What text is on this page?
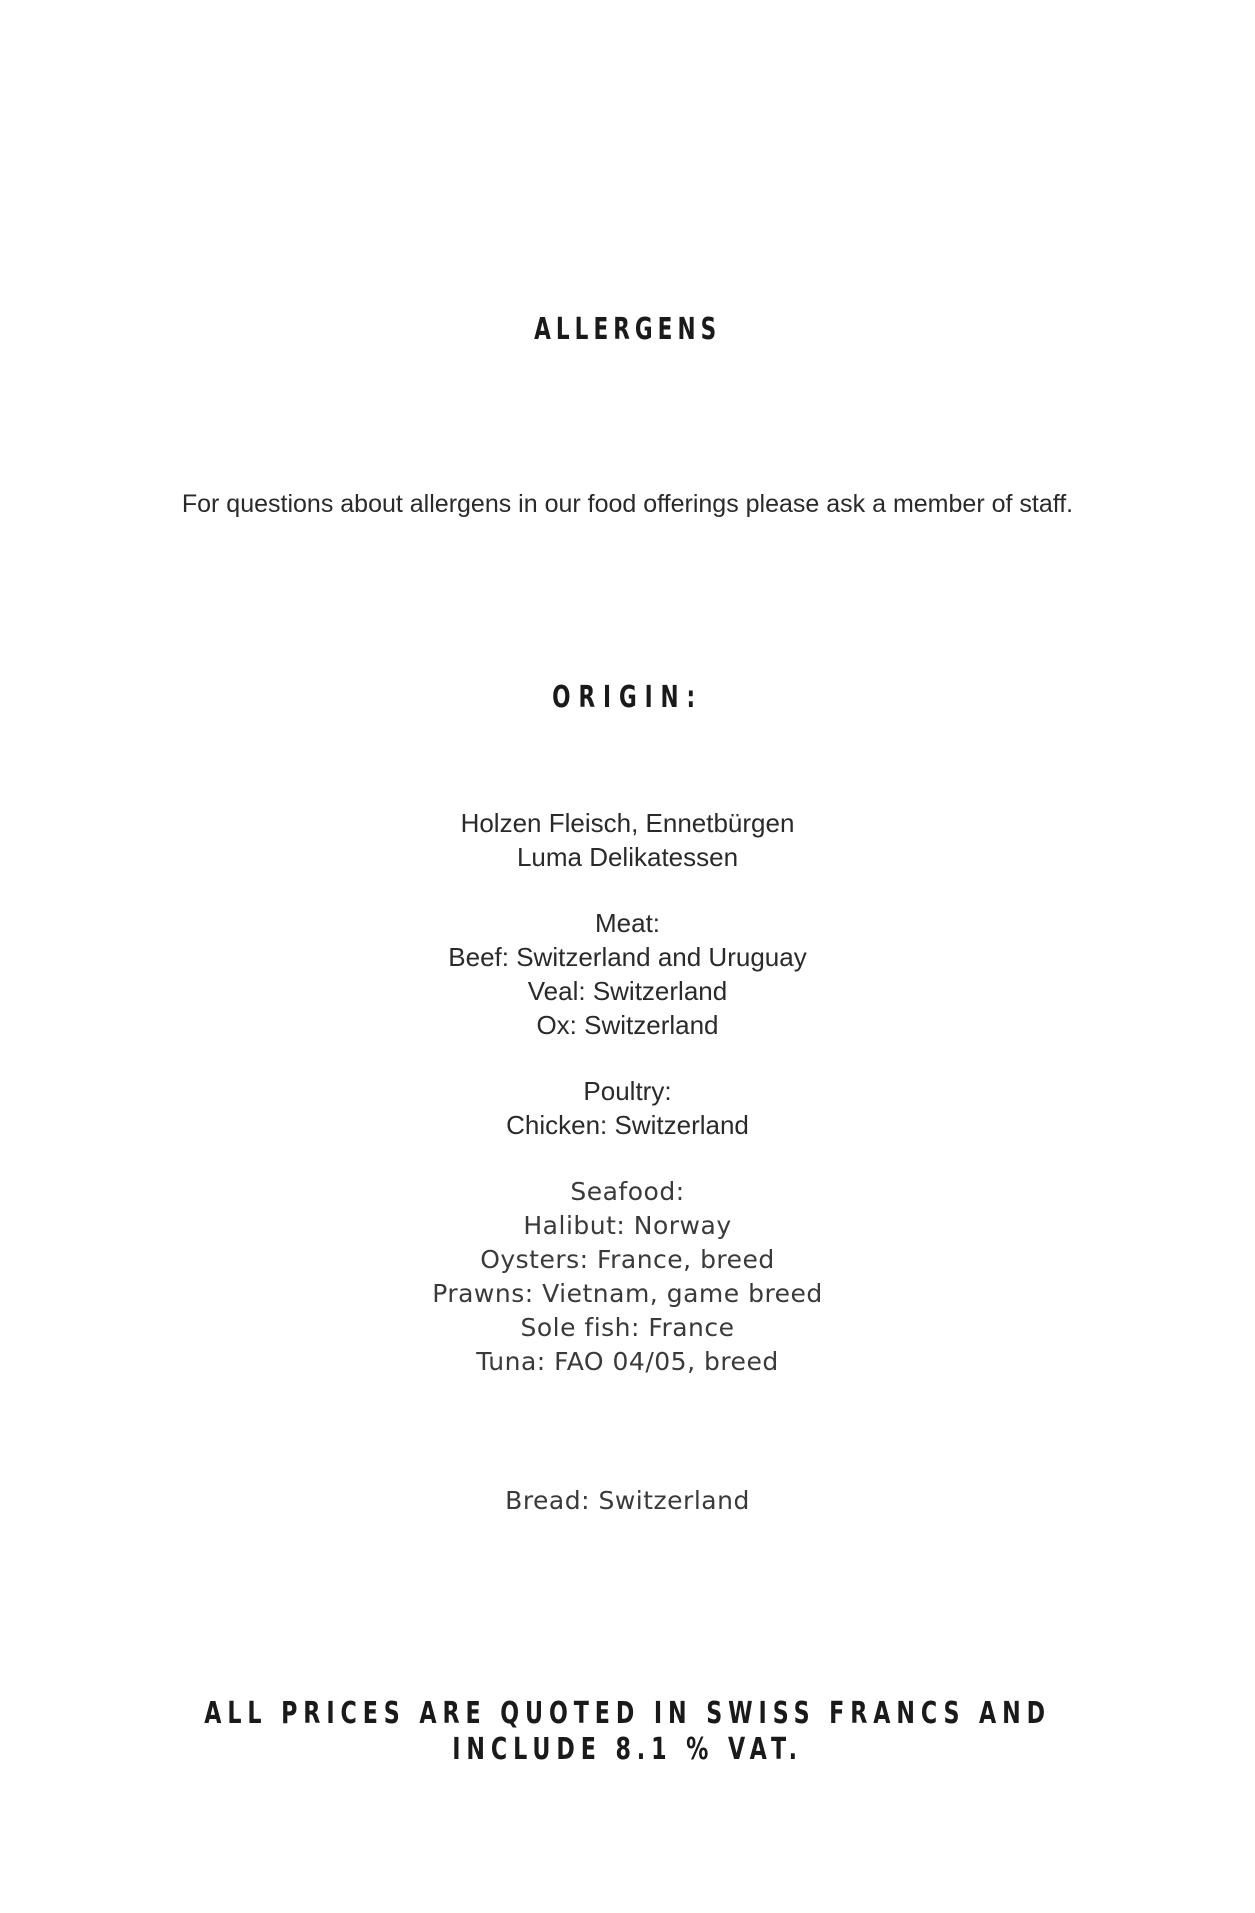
ALLERGENS
For questions about allergens in our food offerings please ask a member of staff.
ORIGIN:
Holzen Fleisch, Ennetbürgen
Luma Delikatessen
Meat:
Beef: Switzerland and Uruguay
Veal: Switzerland
Ox: Switzerland
Poultry:
Chicken: Switzerland
Seafood:
Halibut: Norway
Oysters: France, breed
Prawns: Vietnam, game breed
Sole fish: France
Tuna: FAO 04/05, breed
Bread: Switzerland
ALL PRICES ARE QUOTED IN SWISS FRANCS AND INCLUDE 8.1 % VAT.
